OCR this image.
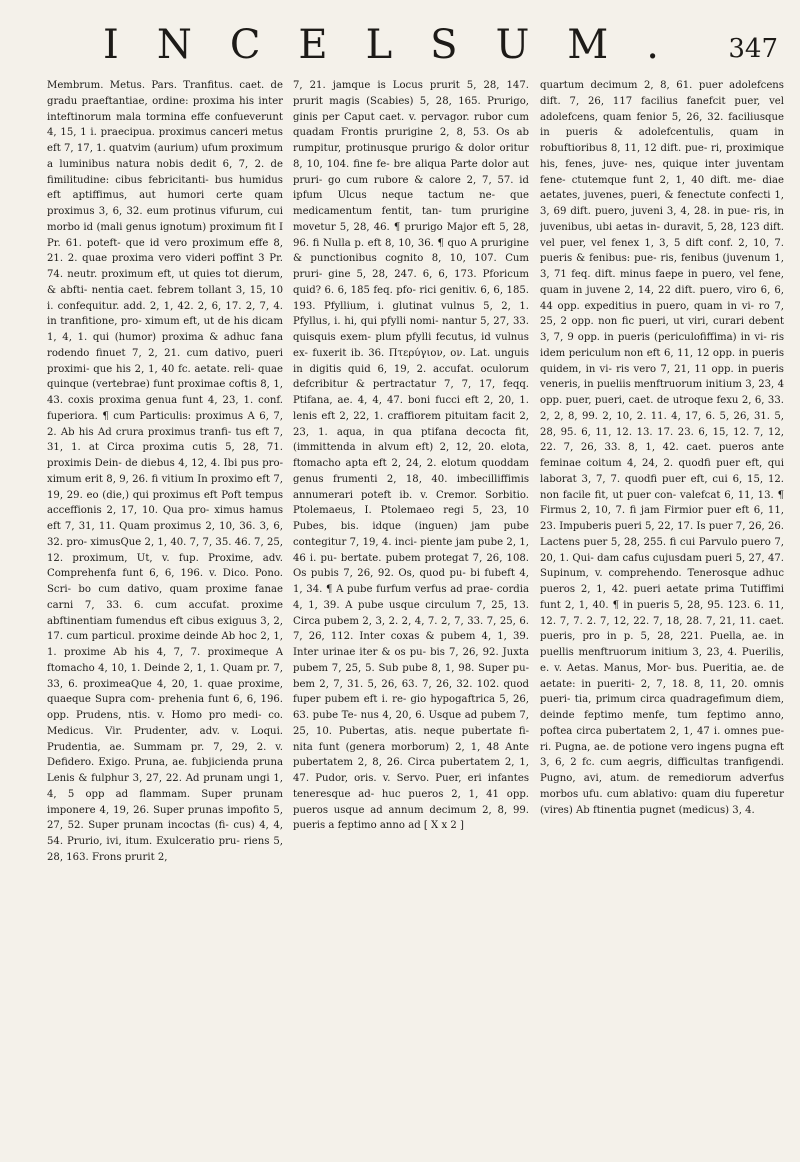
INCELSUM.	347

Membrum. Metus. Pars. Tranfitus. caet. de gradu praeftantiae, ordine: proxima his inter inteftinorum mala tormina effe confueverunt 4, 15, 1 i. praecipua. proximus canceri metus eft 7, 17, 1. quatvim (aurium) ufum proximum a luminibus natura nobis dedit 6, 7, 2. de fimilitudine: cibus febricitanti- bus humidus eft aptiffimus, aut humori certe quam proximus 3, 6, 32. eum protinus vifurum, cui morbo id (mali genus ignotum) proximum fit I Pr. 61. poteft- que id vero proximum effe 8, 21. 2. quae proxima vero videri poffint 3 Pr. 74. neutr. proximum eft, ut quies tot dierum, & abfti- nentia caet. febrem tollant 3, 15, 10 i. confequitur. add. 2, 1, 42. 2, 6, 17. 2, 7, 4. in tranfitione, pro- ximum eft, ut de his dicam 1, 4, 1. qui (humor) proxima & adhuc fana rodendo finuet 7, 2, 21. cum dativo, pueri proximi- que his 2, 1, 40 fc. aetate. reli- quae quinque (vertebrae) funt proximae coftis 8, 1, 43. coxis proxima genua funt 4, 23, 1. conf. fuperiora. ¶ cum Particulis: proximus A 6, 7, 2. Ab his Ad crura proximus tranfi- tus eft 7, 31, 1. at Circa proxima cutis 5, 28, 71. proximis Dein- de diebus 4, 12, 4. Ibi pus pro- ximum erit 8, 9, 26. fi vitium In proximo eft 7, 19, 29. eo (die,) qui proximus eft Poft tempus acceffionis 2, 17, 10. Qua pro- ximus hamus eft 7, 31, 11. Quam proximus 2, 10, 36. 3, 6, 32. pro- ximusQue 2, 1, 40. 7, 7, 35. 46. 7, 25, 12. proximum, Ut, v. fup. Proxime, adv. Comprehenfa funt 6, 6, 196. v. Dico. Pono. Scri- bo cum dativo, quam proxime fanae carni 7, 33. 6. cum accufat. proxime abftinentiam fumendus eft cibus exiguus 3, 2, 17. cum particul. proxime deinde Ab hoc 2, 1, 1. proxime Ab his 4, 7, 7. proximeque A ftomacho 4, 10, 1. Deinde 2, 1, 1. Quam pr. 7, 33, 6. proximeaQue 4, 20, 1. quae proxime, quaeque Supra com- prehenia funt 6, 6, 196. opp. Prudens, ntis. v. Homo pro medi- co. Medicus. Vir. Prudenter, adv. v. Loqui. Prudentia, ae. Summam pr. 7, 29, 2. v. Defidero. Exigo. Pruna, ae. fubjicienda pruna Lenis & fulphur 3, 27, 22. Ad prunam ungi 1, 4, 5 opp ad flammam. Super prunam imponere 4, 19, 26. Super prunas impofito 5, 27, 52. Super prunam incoctas (fi- cus) 4, 4, 54. Prurio, ivi, itum. Exulceratio pru- riens 5, 28, 163. Frons prurit 2,

7, 21. jamque is Locus prurit 5, 28, 147. prurit magis (Scabies) 5, 28, 165. Prurigo, ginis per Caput caet. v. pervagor. rubor cum quadam Frontis prurigine 2, 8, 53. Os ab rumpitur, protinusque prurigo & dolor oritur 8, 10, 104. fine fe- bre aliqua Parte dolor aut pruri- go cum rubore & calore 2, 7, 57. id ipfum Ulcus neque tactum ne- que medicamentum fentit, tan- tum prurigine movetur 5, 28, 46. ¶ prurigo Major eft 5, 28, 96. fi Nulla p. eft 8, 10, 36. ¶ quo A prurigine & punctionibus cognito 8, 10, 107. Cum pruri- gine 5, 28, 247. 6, 6, 173. Pforicum quid? 6. 6, 185 feq. pfo- rici genitiv. 6, 6, 185. 193. Pfyllium, i. glutinat vulnus 5, 2, 1. Pfyllus, i. hi, qui pfylli nomi- nantur 5, 27, 33. quisquis exem- plum pfylli fecutus, id vulnus ex- fuxerit ib. 36. Πτερύγιον, ον. Lat. unguis in digitis quid 6, 19, 2. accufat. oculorum defcribitur & pertractatur 7, 7, 17, feqq. Ptifana, ae. 4, 4, 47. boni fucci eft 2, 20, 1. lenis eft 2, 22, 1. craffiorem pituitam facit 2, 23, 1. aqua, in qua ptifana decocta fit, (immittenda in alvum eft) 2, 12, 20. elota, ftomacho apta eft 2, 24, 2. elotum quoddam genus frumenti 2, 18, 40. imbecilliffimis annumerari poteft ib. v. Cremor. Sorbitio. Ptolemaeus, I. Ptolemaeo regi 5, 23, 10 Pubes, bis. idque (inguen) jam pube contegitur 7, 19, 4. inci- piente jam pube 2, 1, 46 i. pu- bertate. pubem protegat 7, 26, 108. Os pubis 7, 26, 92. Os, quod pu- bi fubeft 4, 1, 34. ¶ A pube furfum verfus ad prae- cordia 4, 1, 39. A pube usque circulum 7, 25, 13. Circa pubem 2, 3, 2. 2, 4, 7. 2, 7, 33. 7, 25, 6. 7, 26, 112. Inter coxas & pubem 4, 1, 39. Inter urinae iter & os pu- bis 7, 26, 92. Juxta pubem 7, 25, 5. Sub pube 8, 1, 98. Super pu- bem 2, 7, 31. 5, 26, 63. 7, 26, 32. 102. quod fuper pubem eft i. re- gio hypogaftrica 5, 26, 63. pube Te- nus 4, 20, 6. Usque ad pubem 7, 25, 10. Pubertas, atis. neque pubertate fi- nita funt (genera morborum) 2, 1, 48 Ante pubertatem 2, 8, 26. Circa pubertatem 2, 1, 47. Pudor, oris. v. Servo. Puer, eri infantes teneresque ad- huc pueros 2, 1, 41 opp. pueros usque ad annum decimum 2, 8, 99. pueris a feptimo anno ad [ X x 2 ]

quartum decimum 2, 8, 61. puer adolefcens dift. 7, 26, 117 facilius fanefcit puer, vel adolefcens, quam fenior 5, 26, 32. faciliusque in pueris & adolefcentulis, quam in robuftioribus 8, 11, 12 dift. pue- ri, proximique his, fenes, juve- nes, quique inter juventam fene- ctutemque funt 2, 1, 40 dift. me- diae aetates, juvenes, pueri, & fenectute confecti 1, 3, 69 dift. puero, juveni 3, 4, 28. in pue- ris, in juvenibus, ubi aetas in- duravit, 5, 28, 123 dift. vel puer, vel fenex 1, 3, 5 dift conf. 2, 10, 7. pueris & fenibus: pue- ris, fenibus (juvenum 1, 3, 71 feq. dift. minus faepe in puero, vel fene, quam in juvene 2, 14, 22 dift. puero, viro 6, 6, 44 opp. expeditius in puero, quam in vi- ro 7, 25, 2 opp. non fic pueri, ut viri, curari debent 3, 7, 9 opp. in pueris (periculofiffima) in vi- ris idem periculum non eft 6, 11, 12 opp. in pueris quidem, in vi- ris vero 7, 21, 11 opp. in pueris veneris, in pueliis menftruorum initium 3, 23, 4 opp. puer, pueri, caet. de utroque fexu 2, 6, 33. 2, 2, 8, 99. 2, 10, 2. 11. 4, 17, 6. 5, 26, 31. 5, 28, 95. 6, 11, 12. 13. 17. 23. 6, 15, 12. 7, 12, 22. 7, 26, 33. 8, 1, 42. caet. pueros ante feminae coitum 4, 24, 2. quodfi puer eft, qui laborat 3, 7, 7. quodfi puer eft, cui 6, 15, 12. non facile fit, ut puer con- valefcat 6, 11, 13. ¶ Firmus 2, 10, 7. fi jam Firmior puer eft 6, 11, 23. Impuberis pueri 5, 22, 17. Is puer 7, 26, 26. Lactens puer 5, 28, 255. fi cui Parvulo puero 7, 20, 1. Qui- dam cafus cujusdam pueri 5, 27, 47. Supinum, v. comprehendo. Tenerosque adhuc pueros 2, 1, 42. pueri aetate prima Tutiffimi funt 2, 1, 40. ¶ in pueris 5, 28, 95. 123. 6. 11, 12. 7, 7. 2. 7, 12, 22. 7, 18, 28. 7, 21, 11. caet. pueris, pro in p. 5, 28, 221. Puella, ae. in puellis menftruorum initium 3, 23, 4. Puerilis, e. v. Aetas. Manus, Mor- bus. Pueritia, ae. de aetate: in pueriti- 2, 7, 18. 8, 11, 20. omnis pueri- tia, primum circa quadragefimum diem, deinde feptimo menfe, tum feptimo anno, poftea circa pubertatem 2, 1, 47 i. omnes pue- ri. Pugna, ae. de potione vero ingens pugna eft 3, 6, 2 fc. cum aegris, difficultas tranfigendi. Pugno, avi, atum. de remediorum adverfus morbos ufu. cum ablativo: quam diu fuperetur (vires) Ab ftinentia pugnet (medicus) 3, 4.
